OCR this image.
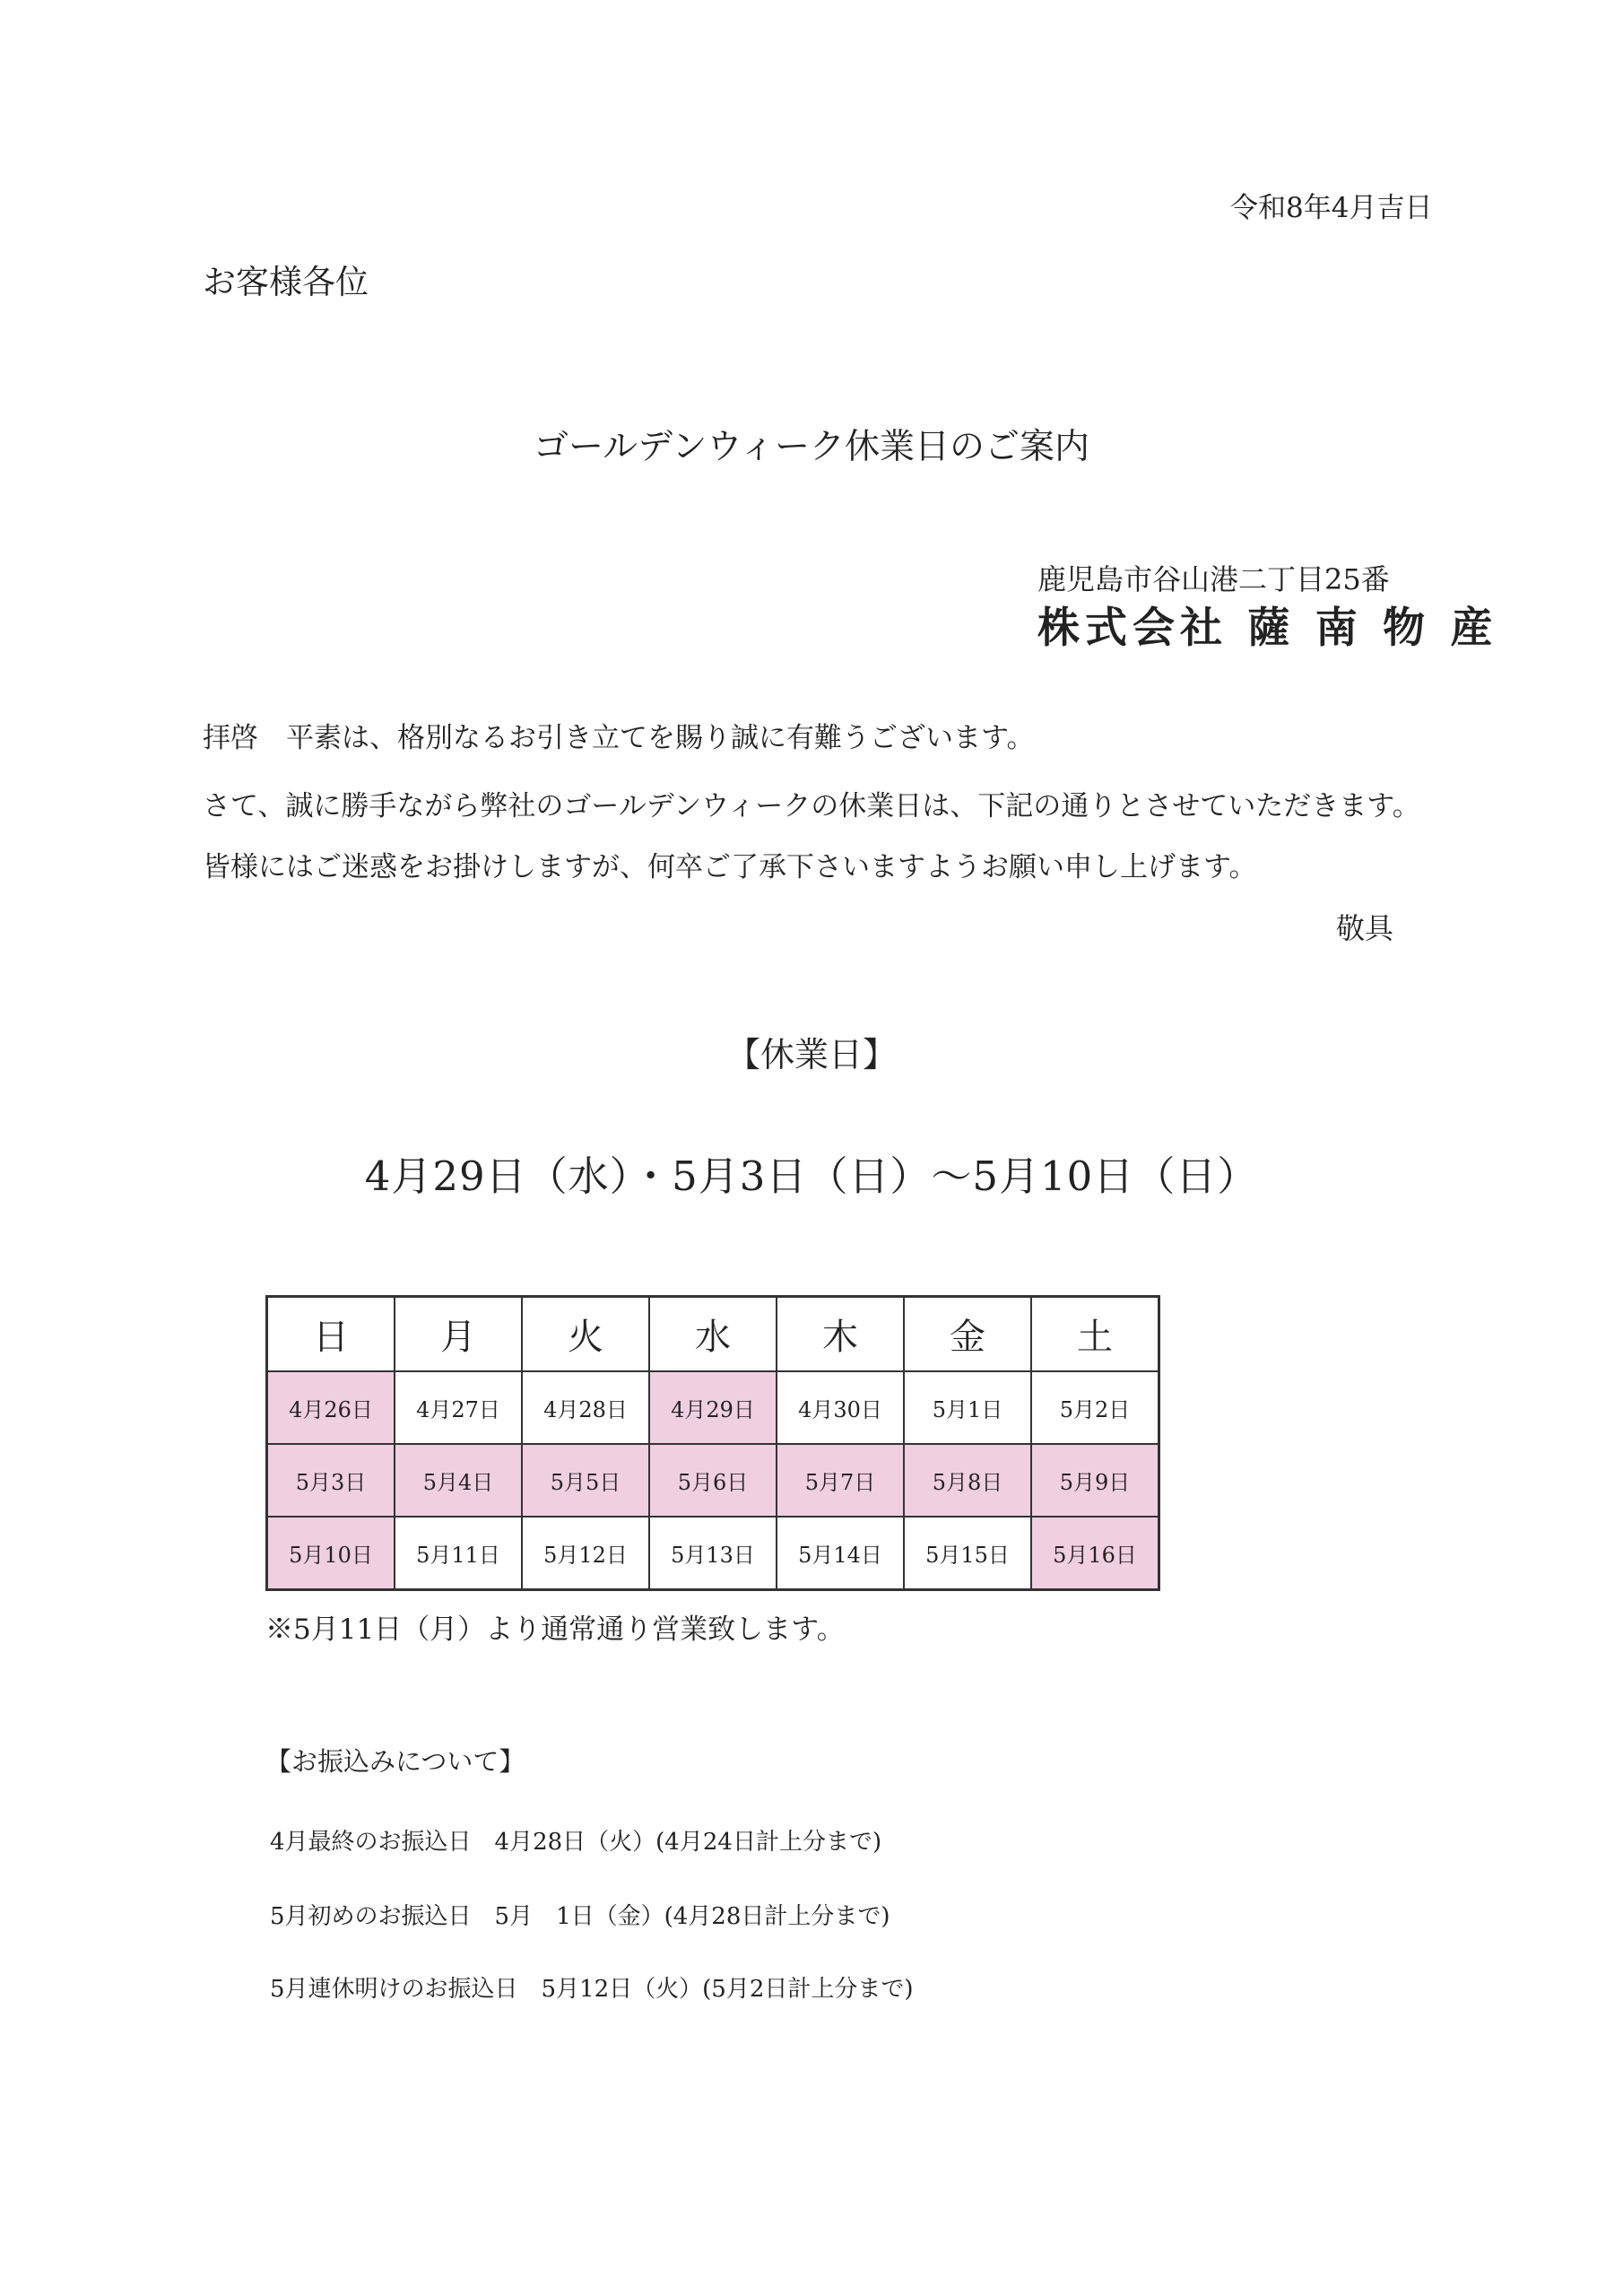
令和8年4月吉日
お客様各位
ゴールデンウィーク休業日のご案内
鹿児島市谷山港二丁目25番
株式会社 薩 南 物 産
拝啓　平素は、格別なるお引き立てを賜り誠に有難うございます。
さて、誠に勝手ながら弊社のゴールデンウィークの休業日は、下記の通りとさせていただきます。
皆様にはご迷惑をお掛けしますが、何卒ご了承下さいますようお願い申し上げます。
敬具
【休業日】
4月29日（水）・5月3日（日）～5月10日（日）
日	月	火	水	木	金	土
4月26日	4月27日	4月28日	4月29日	4月30日	5月1日	5月2日
5月3日	5月4日	5月5日	5月6日	5月7日	5月8日	5月9日
5月10日	5月11日	5月12日	5月13日	5月14日	5月15日	5月16日
※5月11日（月）より通常通り営業致します。
【お振込みについて】
4月最終のお振込日　4月28日（火）(4月24日計上分まで)
5月初めのお振込日　5月　1日（金）(4月28日計上分まで)
5月連休明けのお振込日　5月12日（火）(5月2日計上分まで)
